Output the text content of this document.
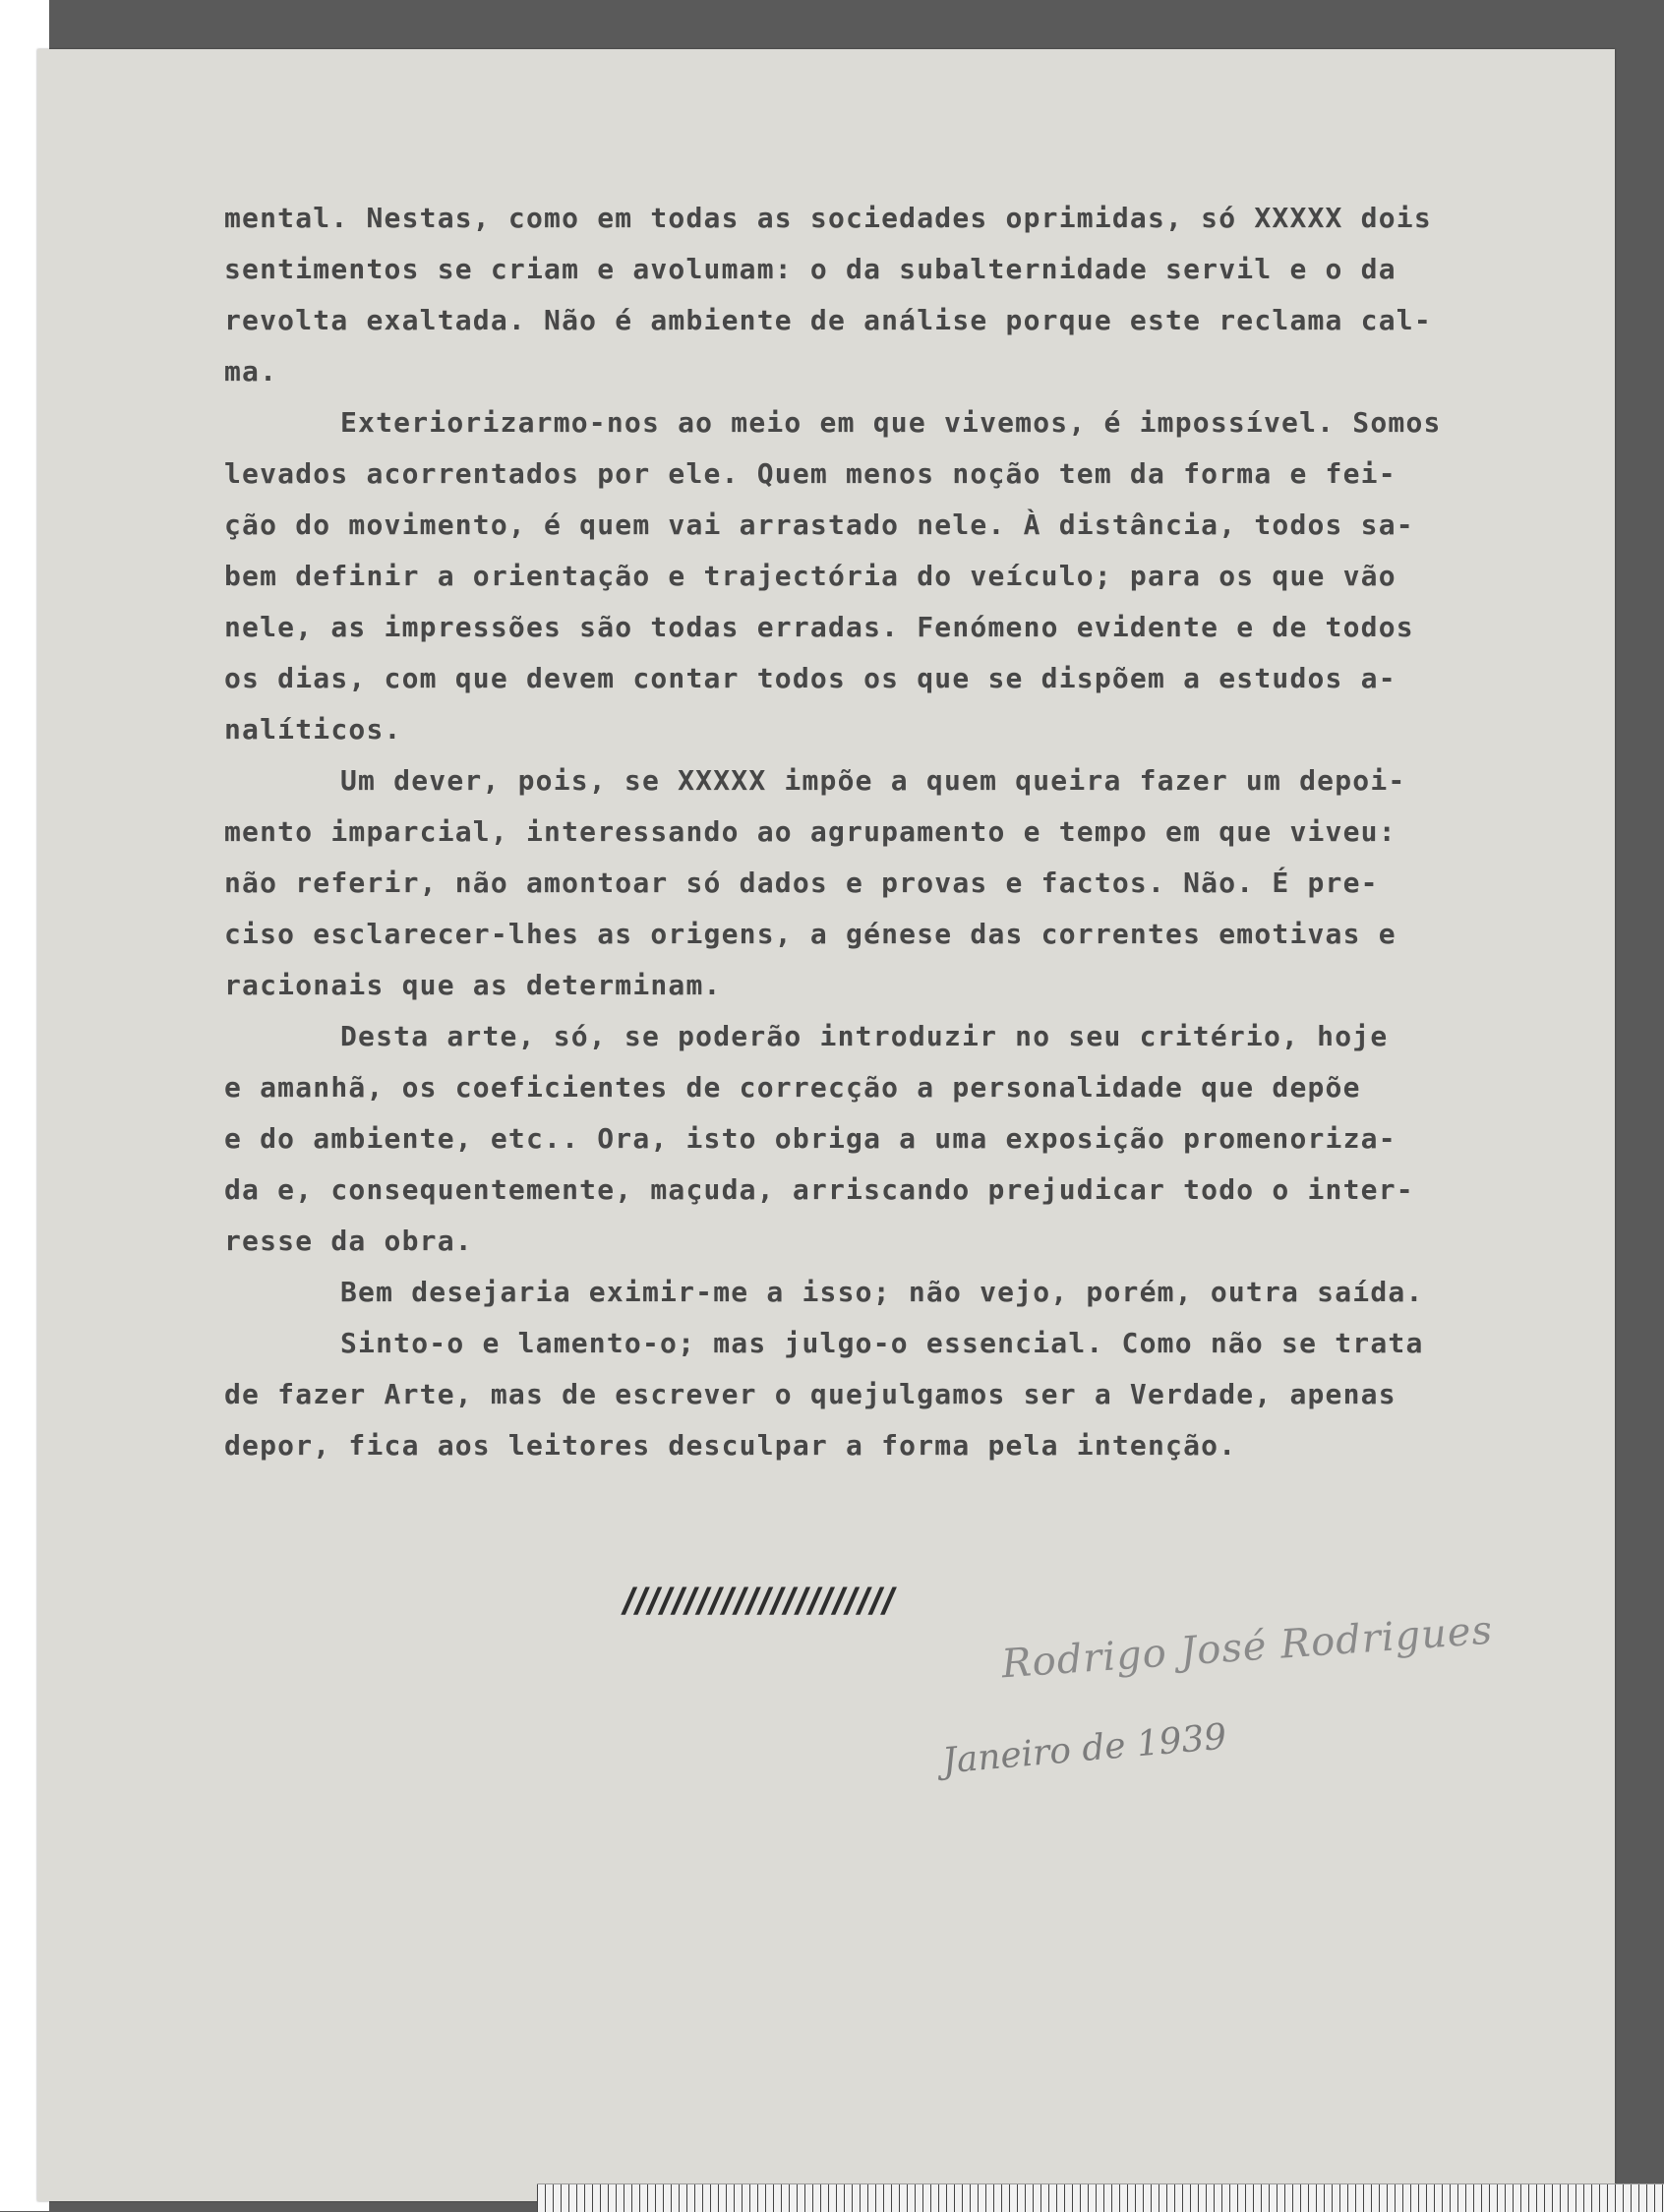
mental. Nestas, como em todas as sociedades oprimidas, só XXXXX dois
sentimentos se criam e avolumam: o da subalternidade servil e o da
revolta exaltada. Não é ambiente de análise porque este reclama cal-
ma.
Exteriorizarmo-nos ao meio em que vivemos, é impossível. Somos
levados acorrentados por ele. Quem menos noção tem da forma e fei-
ção do movimento, é quem vai arrastado nele. À distância, todos sa-
bem definir a orientação e trajectória do veículo; para os que vão
nele, as impressões são todas erradas. Fenómeno evidente e de todos
os dias, com que devem contar todos os que se dispõem a estudos a-
nalíticos.
Um dever, pois, se XXXXX impõe a quem queira fazer um depoi-
mento imparcial, interessando ao agrupamento e tempo em que viveu:
não referir, não amontoar só dados e provas e factos. Não. É pre-
ciso esclarecer-lhes as origens, a génese das correntes emotivas e
racionais que as determinam.
Desta arte, só, se poderão introduzir no seu critério, hoje
e amanhã, os coeficientes de correcção a personalidade que depõe
e do ambiente, etc.. Ora, isto obriga a uma exposição promenoriza-
da e, consequentemente, maçuda, arriscando prejudicar todo o inter-
resse da obra.
Bem desejaria eximir-me a isso; não vejo, porém, outra saída.
Sinto-o e lamento-o; mas julgo-o essencial. Como não se trata
de fazer Arte, mas de escrever o quejulgamos ser a Verdade, apenas
depor, fica aos leitores desculpar a forma pela intenção.
//////////////////////
Rodrigo José Rodrigues
Janeiro de 1939
